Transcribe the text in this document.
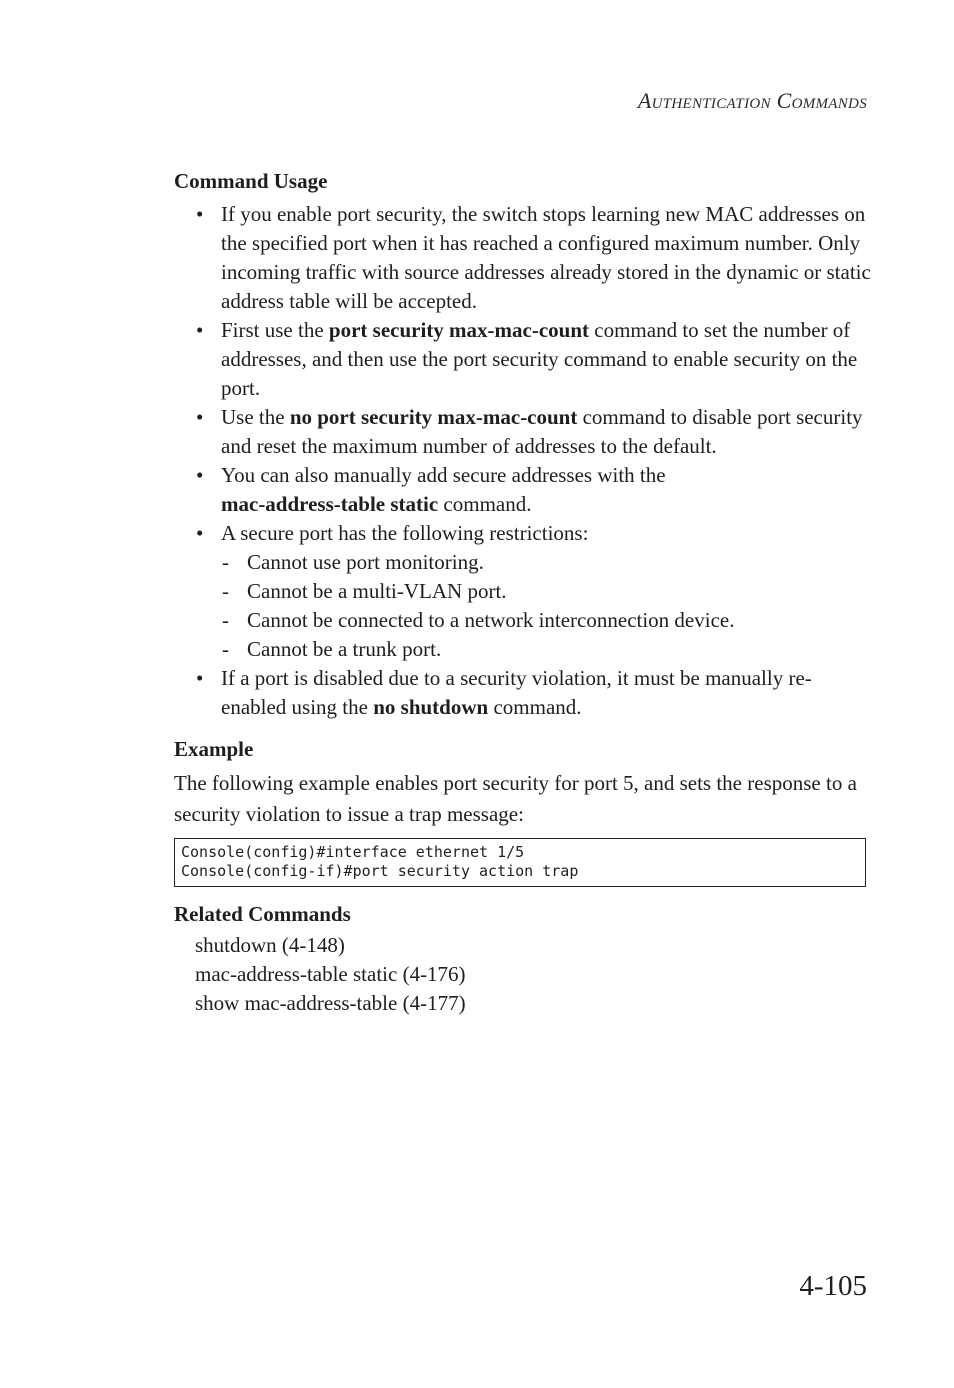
Authentication Commands
Command Usage
• If you enable port security, the switch stops learning new MAC addresses on the specified port when it has reached a configured maximum number. Only incoming traffic with source addresses already stored in the dynamic or static address table will be accepted.
• First use the port security max-mac-count command to set the number of addresses, and then use the port security command to enable security on the port.
• Use the no port security max-mac-count command to disable port security and reset the maximum number of addresses to the default.
• You can also manually add secure addresses with the
mac-address-table static command.
• A secure port has the following restrictions:
- Cannot use port monitoring.
- Cannot be a multi-VLAN port.
- Cannot be connected to a network interconnection device.
- Cannot be a trunk port.
• If a port is disabled due to a security violation, it must be manually re-enabled using the no shutdown command.
Example

The following example enables port security for port 5, and sets the response to a security violation to issue a trap message:

Console(config)#interface ethernet 1/5
Console(config-if)#port security action trap
Related Commands
shutdown (4-148)
mac-address-table static (4-176)
show mac-address-table (4-177)
4-105
